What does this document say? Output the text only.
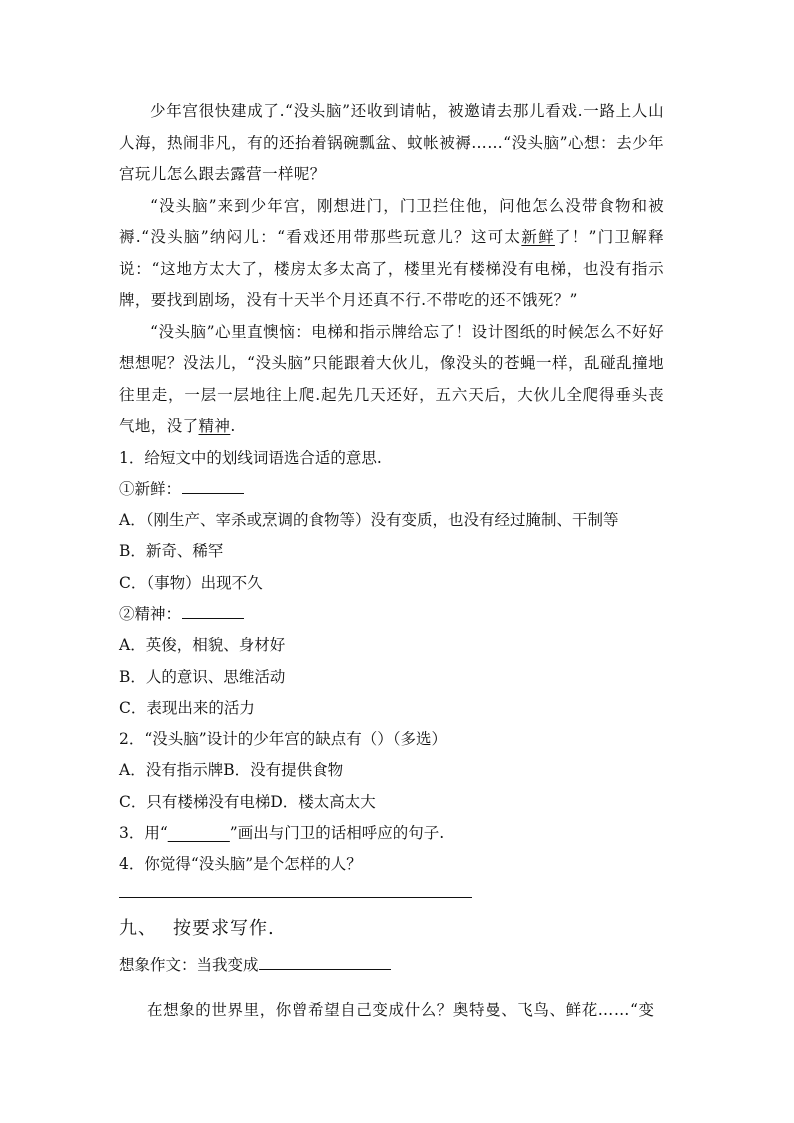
少年宫很快建成了.“没头脑”还收到请帖，被邀请去那儿看戏.一路上人山人海，热闹非凡，有的还抬着锅碗瓢盆、蚊帐被褥……“没头脑”心想：去少年宫玩儿怎么跟去露营一样呢？

“没头脑”来到少年宫，刚想进门，门卫拦住他，问他怎么没带食物和被褥.“没头脑”纳闷儿：“看戏还用带那些玩意儿？这可太新鲜了！”门卫解释说：“这地方太大了，楼房太多太高了，楼里光有楼梯没有电梯，也没有指示牌，要找到剧场，没有十天半个月还真不行.不带吃的还不饿死？”

“没头脑”心里直懊恼：电梯和指示牌给忘了！设计图纸的时候怎么不好好想想呢？没法儿，“没头脑”只能跟着大伙儿，像没头的苍蝇一样，乱碰乱撞地往里走，一层一层地往上爬.起先几天还好，五六天后，大伙儿全爬得垂头丧气地，没了精神.

1．给短文中的划线词语选合适的意思.

①新鲜：

A．（刚生产、宰杀或烹调的食物等）没有变质，也没有经过腌制、干制等

B．新奇、稀罕

C．（事物）出现不久

②精神：

A．英俊，相貌、身材好

B．人的意识、思维活动

C．表现出来的活力

2．“没头脑”设计的少年宫的缺点有（）（多选）

A．没有指示牌B．没有提供食物

C．只有楼梯没有电梯D．楼太高太大

3．用“________”画出与门卫的话相呼应的句子.

4．你觉得“没头脑”是个怎样的人？

九、 按要求写作.
想象作文：当我变成

在想象的世界里，你曾希望自己变成什么？奥特曼、飞鸟、鲜花……“变
